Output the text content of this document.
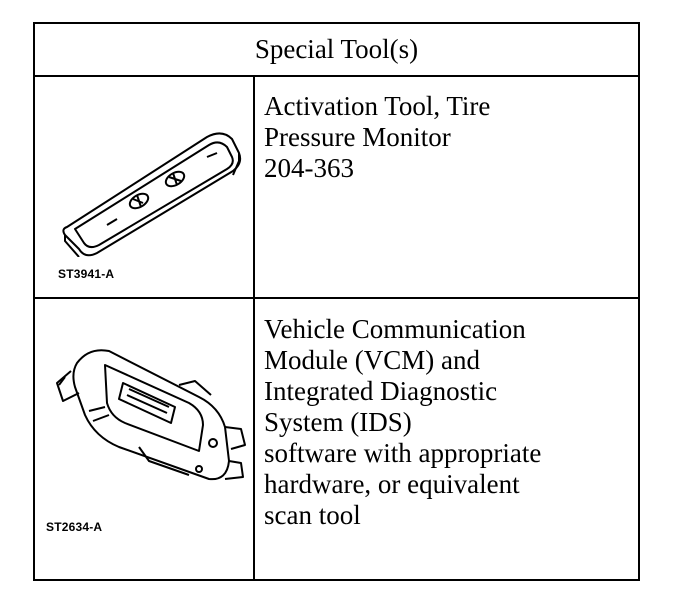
Special Tool(s)
ST3941-A
Activation Tool, Tire
Pressure Monitor
204-363
ST2634-A
Vehicle Communication
Module (VCM) and
Integrated Diagnostic
System (IDS)
software with appropriate
hardware, or equivalent
scan tool
